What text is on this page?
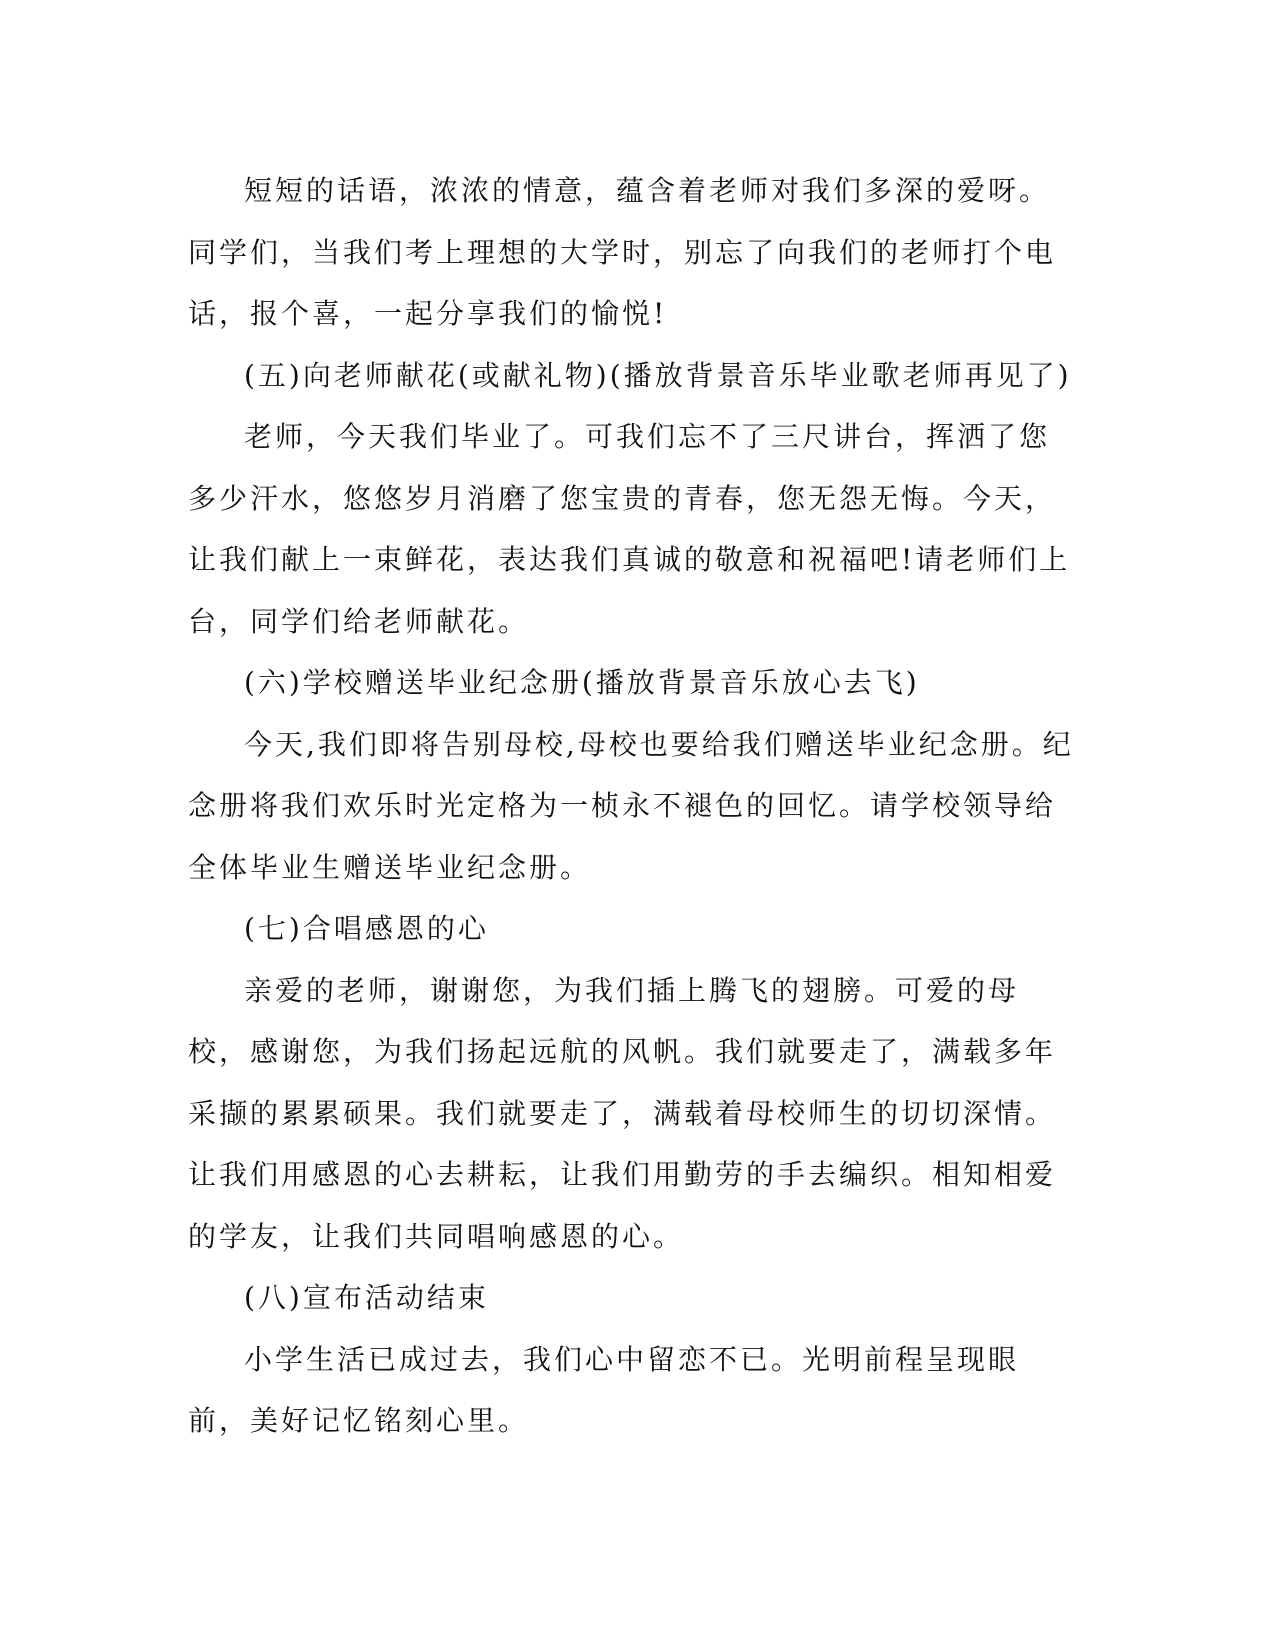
短短的话语，浓浓的情意，蕴含着老师对我们多深的爱呀。同学们，当我们考上理想的大学时，别忘了向我们的老师打个电话，报个喜，一起分享我们的愉悦!

(五)向老师献花(或献礼物)(播放背景音乐毕业歌老师再见了)

老师，今天我们毕业了。可我们忘不了三尺讲台，挥洒了您多少汗水，悠悠岁月消磨了您宝贵的青春，您无怨无悔。今天，让我们献上一束鲜花，表达我们真诚的敬意和祝福吧!请老师们上台，同学们给老师献花。

(六)学校赠送毕业纪念册(播放背景音乐放心去飞)

今天,我们即将告别母校,母校也要给我们赠送毕业纪念册。纪念册将我们欢乐时光定格为一桢永不褪色的回忆。请学校领导给全体毕业生赠送毕业纪念册。

(七)合唱感恩的心

亲爱的老师，谢谢您，为我们插上腾飞的翅膀。可爱的母校，感谢您，为我们扬起远航的风帆。我们就要走了，满载多年采撷的累累硕果。我们就要走了，满载着母校师生的切切深情。让我们用感恩的心去耕耘，让我们用勤劳的手去编织。相知相爱的学友，让我们共同唱响感恩的心。

(八)宣布活动结束

小学生活已成过去，我们心中留恋不已。光明前程呈现眼前，美好记忆铭刻心里。
